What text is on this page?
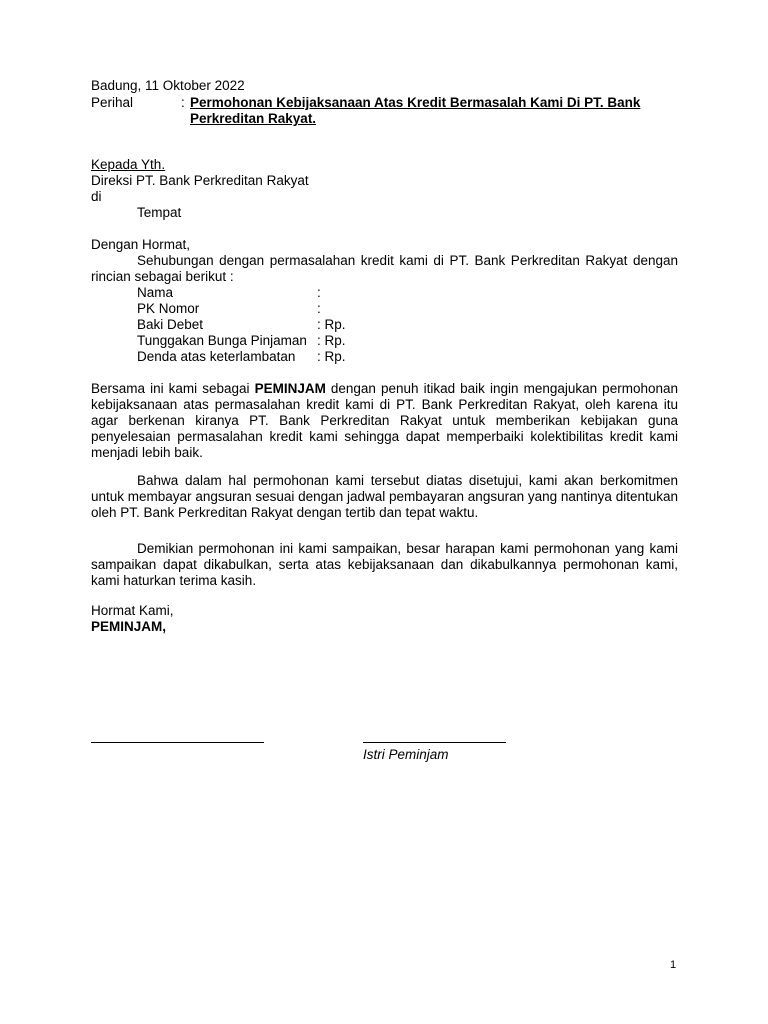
Badung, 11 Oktober 2022
Perihal	: Permohonan Kebijaksanaan Atas Kredit Bermasalah Kami Di PT. Bank
Perkreditan Rakyat.
Kepada Yth.
Direksi PT. Bank Perkreditan Rakyat
di
Tempat
Dengan Hormat,
Sehubungan dengan permasalahan kredit kami di PT. Bank Perkreditan Rakyat dengan rincian sebagai berikut :
Nama	:
PK Nomor	:
Baki Debet	: Rp.
Tunggakan Bunga Pinjaman : Rp.
Denda atas keterlambatan : Rp.
Bersama ini kami sebagai PEMINJAM dengan penuh itikad baik ingin mengajukan permohonan kebijaksanaan atas permasalahan kredit kami di PT. Bank Perkreditan Rakyat, oleh karena itu agar berkenan kiranya PT. Bank Perkreditan Rakyat untuk memberikan kebijakan guna penyelesaian permasalahan kredit kami sehingga dapat memperbaiki kolektibilitas kredit kami menjadi lebih baik.
Bahwa dalam hal permohonan kami tersebut diatas disetujui, kami akan berkomitmen untuk membayar angsuran sesuai dengan jadwal pembayaran angsuran yang nantinya ditentukan oleh PT. Bank Perkreditan Rakyat dengan tertib dan tepat waktu.
Demikian permohonan ini kami sampaikan, besar harapan kami permohonan yang kami sampaikan dapat dikabulkan, serta atas kebijaksanaan dan dikabulkannya permohonan kami, kami haturkan terima kasih.
Hormat Kami,
PEMINJAM,
Istri Peminjam
1
